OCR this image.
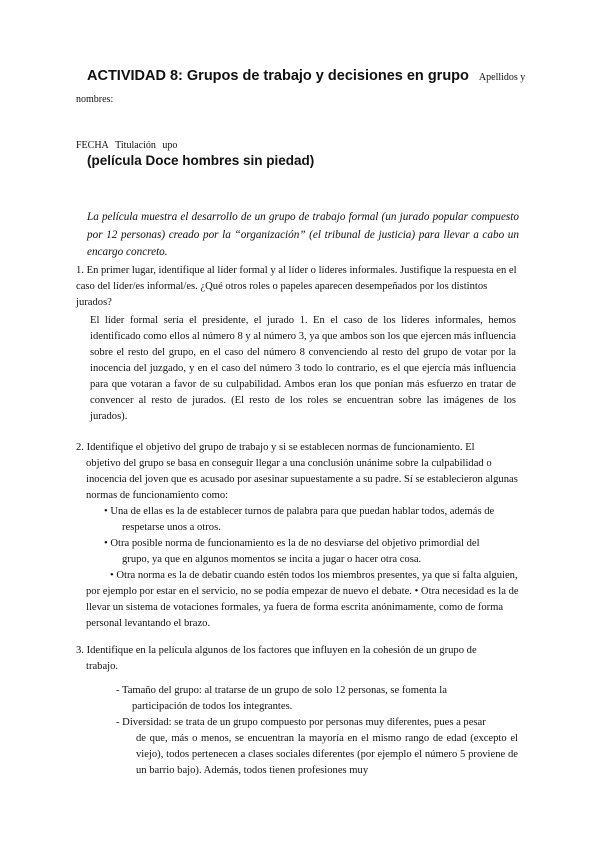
ACTIVIDAD 8: Grupos de trabajo y decisiones en grupo Apellidos y
nombres:
FECHA Titulación upo
(película Doce hombres sin piedad)
La película muestra el desarrollo de un grupo de trabajo formal (un jurado popular compuesto por 12 personas) creado por la “organización” (el tribunal de justicia) para llevar a cabo un encargo concreto.
1. En primer lugar, identifique al líder formal y al líder o líderes informales. Justifique la respuesta en el caso del líder/es informal/es. ¿Qué otros roles o papeles aparecen desempeñados por los distintos jurados?
El líder formal sería el presidente, el jurado 1. En el caso de los líderes informales, hemos identificado como ellos al número 8 y al número 3, ya que ambos son los que ejercen más influencia sobre el resto del grupo, en el caso del número 8 convenciendo al resto del grupo de votar por la inocencia del juzgado, y en el caso del número 3 todo lo contrario, es el que ejercía más influencia para que votaran a favor de su culpabilidad. Ambos eran los que ponían más esfuerzo en tratar de convencer al resto de jurados. (El resto de los roles se encuentran sobre las imágenes de los jurados).
2. Identifique el objetivo del grupo de trabajo y si se establecen normas de funcionamiento. El
objetivo del grupo se basa en conseguir llegar a una conclusión unánime sobre la culpabilidad o inocencia del joven que es acusado por asesinar supuestamente a su padre. Sí se establecieron algunas normas de funcionamiento como:
• Una de ellas es la de establecer turnos de palabra para que puedan hablar todos, además de
respetarse unos a otros.
• Otra posible norma de funcionamiento es la de no desviarse del objetivo primordial del
grupo, ya que en algunos momentos se incita a jugar o hacer otra cosa.
• Otra norma es la de debatir cuando estén todos los miembros presentes, ya que si falta alguien, por ejemplo por estar en el servicio, no se podía empezar de nuevo el debate. • Otra necesidad es la de llevar un sistema de votaciones formales, ya fuera de forma escrita anónimamente, como de forma personal levantando el brazo.
3. Identifique en la película algunos de los factores que influyen en la cohesión de un grupo de
trabajo.
- Tamaño del grupo: al tratarse de un grupo de solo 12 personas, se fomenta la
participación de todos los integrantes.
- Diversidad: se trata de un grupo compuesto por personas muy diferentes, pues a pesar
de que, más o menos, se encuentran la mayoría en el mismo rango de edad (excepto el viejo), todos pertenecen a clases sociales diferentes (por ejemplo el número 5 proviene de un barrio bajo). Además, todos tienen profesiones muy
